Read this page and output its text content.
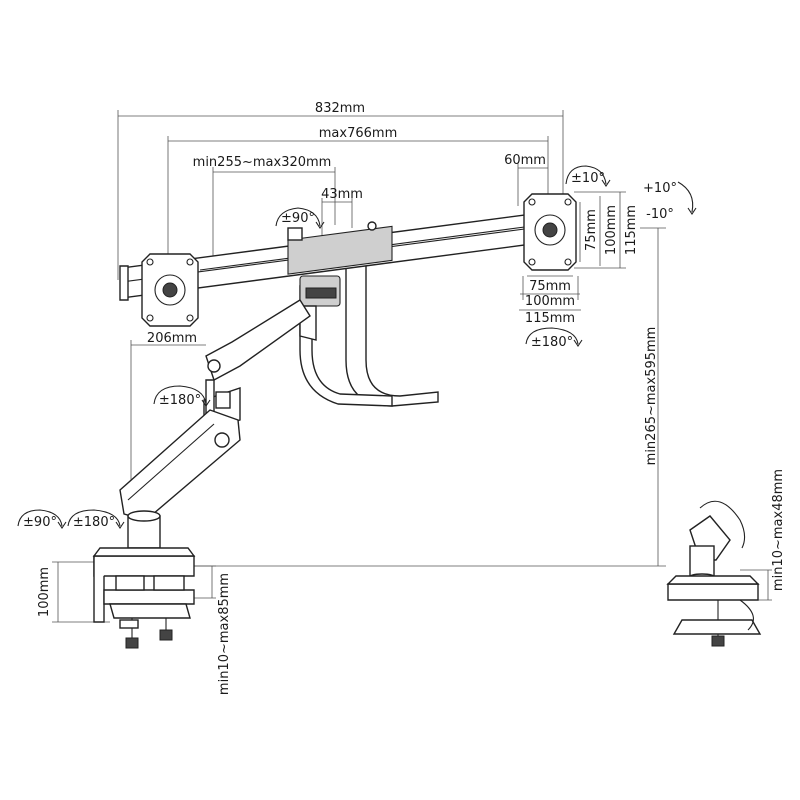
832mm
max766mm
min255~max320mm
43mm
60mm
206mm
±90°
±10°
+10°
-10°
±180°
±180°
±90° ±180°
75mm
100mm
115mm
75mm 100mm 115mm
min265~max595mm
100mm	min10~max85mm
min10~max48mm
